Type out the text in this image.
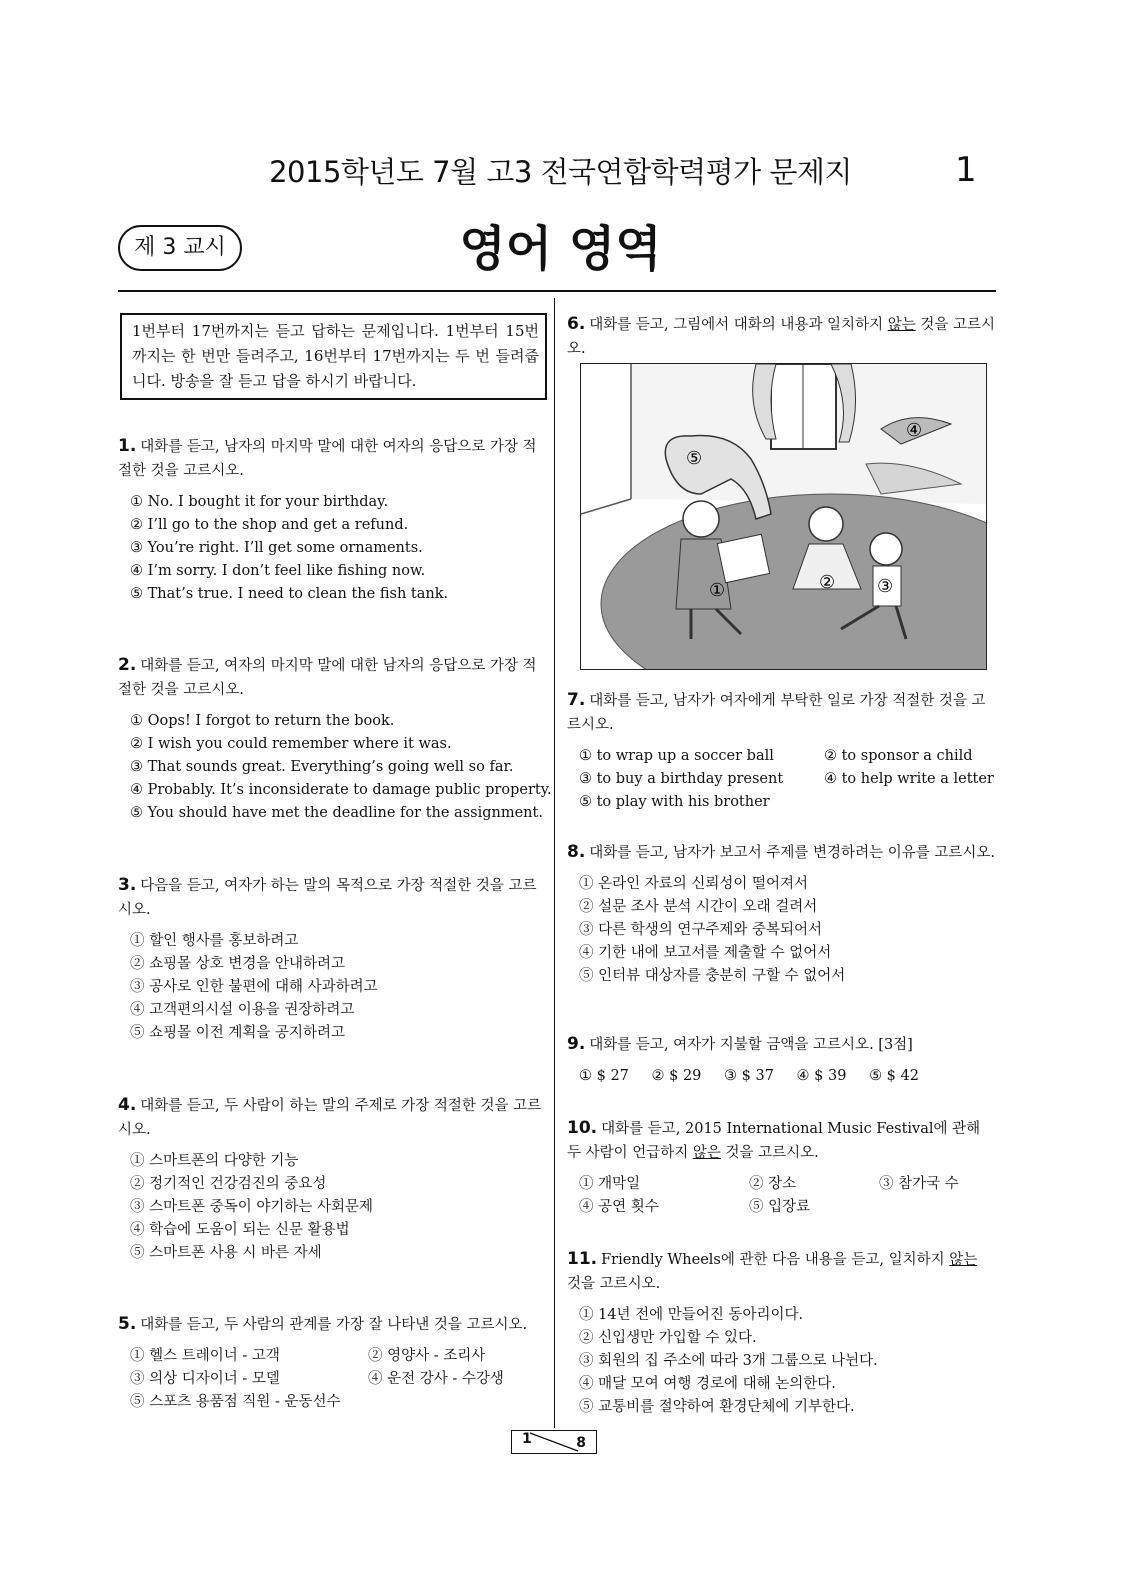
2015학년도 7월 고3 전국연합학력평가 문제지	1
제 3 교시	영어 영역
1번부터 17번까지는 듣고 답하는 문제입니다. 1번부터 15번까지는 한 번만 들려주고, 16번부터 17번까지는 두 번 들려줍니다. 방송을 잘 듣고 답을 하시기 바랍니다.
1. 대화를 듣고, 남자의 마지막 말에 대한 여자의 응답으로 가장 적절한 것을 고르시오.
① No. I bought it for your birthday.
② I’ll go to the shop and get a refund.
③ You’re right. I’ll get some ornaments.
④ I’m sorry. I don’t feel like fishing now.
⑤ That’s true. I need to clean the fish tank.
2. 대화를 듣고, 여자의 마지막 말에 대한 남자의 응답으로 가장 적절한 것을 고르시오.
① Oops! I forgot to return the book.
② I wish you could remember where it was.
③ That sounds great. Everything’s going well so far.
④ Probably. It’s inconsiderate to damage public property.
⑤ You should have met the deadline for the assignment.
3. 다음을 듣고, 여자가 하는 말의 목적으로 가장 적절한 것을 고르시오.
① 할인 행사를 홍보하려고
② 쇼핑몰 상호 변경을 안내하려고
③ 공사로 인한 불편에 대해 사과하려고
④ 고객편의시설 이용을 권장하려고
⑤ 쇼핑몰 이전 계획을 공지하려고
4. 대화를 듣고, 두 사람이 하는 말의 주제로 가장 적절한 것을 고르시오.
① 스마트폰의 다양한 기능
② 정기적인 건강검진의 중요성
③ 스마트폰 중독이 야기하는 사회문제
④ 학습에 도움이 되는 신문 활용법
⑤ 스마트폰 사용 시 바른 자세
5. 대화를 듣고, 두 사람의 관계를 가장 잘 나타낸 것을 고르시오.
① 헬스 트레이너 - 고객	② 영양사 - 조리사
③ 의상 디자이너 - 모델	④ 운전 강사 - 수강생
⑤ 스포츠 용품점 직원 - 운동선수
6. 대화를 듣고, 그림에서 대화의 내용과 일치하지 않는 것을 고르시오.
①	② ③
④
⑤
7. 대화를 듣고, 남자가 여자에게 부탁한 일로 가장 적절한 것을 고르시오.
① to wrap up a soccer ball	② to sponsor a child
③ to buy a birthday present	④ to help write a letter
⑤ to play with his brother
8. 대화를 듣고, 남자가 보고서 주제를 변경하려는 이유를 고르시오.
① 온라인 자료의 신뢰성이 떨어져서
② 설문 조사 분석 시간이 오래 걸려서
③ 다른 학생의 연구주제와 중복되어서
④ 기한 내에 보고서를 제출할 수 없어서
⑤ 인터뷰 대상자를 충분히 구할 수 없어서
9. 대화를 듣고, 여자가 지불할 금액을 고르시오. [3점]
① $ 27 ② $ 29 ③ $ 37 ④ $ 39 ⑤ $ 42
10. 대화를 듣고, 2015 International Music Festival에 관해 두 사람이 언급하지 않은 것을 고르시오.
① 개막일	② 장소	③ 참가국 수
④ 공연 횟수	⑤ 입장료
11. Friendly Wheels에 관한 다음 내용을 듣고, 일치하지 않는 것을 고르시오.
① 14년 전에 만들어진 동아리이다.
② 신입생만 가입할 수 있다.
③ 회원의 집 주소에 따라 3개 그룹으로 나뉜다.
④ 매달 모여 여행 경로에 대해 논의한다.
⑤ 교통비를 절약하여 환경단체에 기부한다.
1	8
